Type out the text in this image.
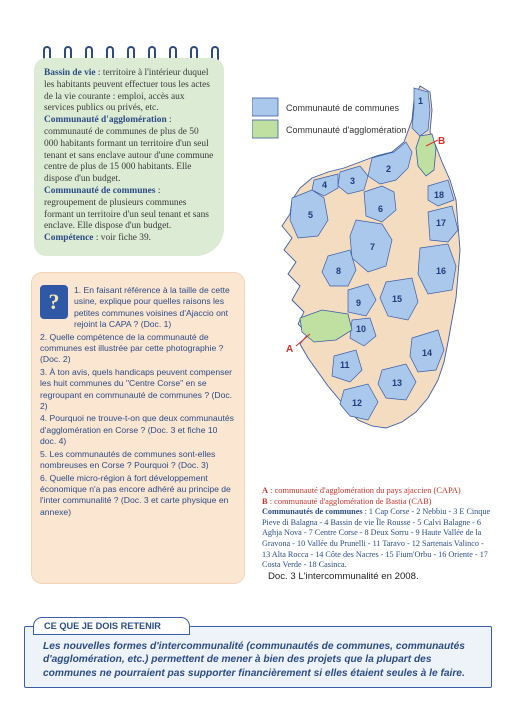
Bassin de vie : territoire à l'intérieur duquel les habitants peuvent effectuer tous les actes de la vie courante : emploi, accès aux services publics ou privés, etc.

Communauté d'agglomération : communauté de communes de plus de 50 000 habitants formant un territoire d'un seul tenant et sans enclave autour d'une commune centre de plus de 15 000 habitants. Elle dispose d'un budget.

Communauté de communes : regroupement de plusieurs communes formant un territoire d'un seul tenant et sans enclave. Elle dispose d'un budget.

Compétence : voir fiche 39.

?	1. En faisant référence à la taille de cette usine, explique pour quelles raisons les petites communes voisines d'Ajaccio ont rejoint la CAPA ? (Doc. 1)
2. Quelle compétence de la communauté de communes est illustrée par cette photographie ? (Doc. 2)
3. À ton avis, quels handicaps peuvent compenser les huit communes du "Centre Corse" en se regroupant en communauté de communes ? (Doc. 2)
4. Pourquoi ne trouve-t-on que deux communautés d'agglomération en Corse ? (Doc. 3 et fiche 10 doc. 4)
5. Les communautés de communes sont-elles nombreuses en Corse ? Pourquoi ? (Doc. 3)
6. Quelle micro-région à fort développement économique n'a pas encore adhéré au principe de l'inter communalité ? (Doc. 3 et carte physique en annexe)
Communauté de communes
Communauté d'agglomération
1
2
3
4
5
6
7
8
9
10
11
12
13
14
15
16
17
18
B
A

A : communauté d'agglomération du pays ajaccien (CAPA)

B : communauté d'agglomération de Bastia (CAB)

Communautés de communes : 1 Cap Corse - 2 Nebbiu - 3 E Cinque Pieve di Balagna - 4 Bassin de vie Île Rousse - 5 Calvi Balagne - 6 Aghja Nova - 7 Centre Corse - 8 Deux Sorru - 9 Haute Vallée de la Gravona - 10 Vallée du Prunelli - 11 Taravo - 12 Sartenais Valinco - 13 Alta Rocca - 14 Côte des Nacres - 15 Fium'Orbu - 16 Oriente - 17 Costa Verde - 18 Casinca.

Doc. 3 L'intercommunalité en 2008.
CE QUE JE DOIS RETENIR

Les nouvelles formes d'intercommunalité (communautés de communes, communautés d'agglomération, etc.) permettent de mener à bien des projets que la plupart des communes ne pourraient pas supporter financièrement si elles étaient seules à le faire.
